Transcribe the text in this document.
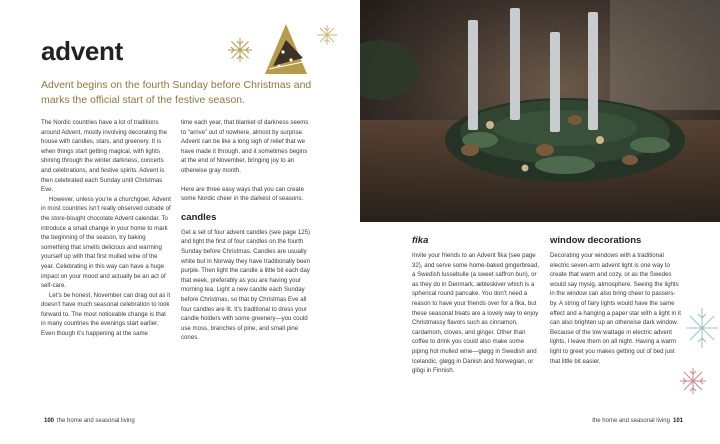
advent

Advent begins on the fourth Sunday before Christmas and marks the official start of the festive season.

The Nordic countries have a lot of traditions around Advent, mostly involving decorating the house with candles, stars, and greenery. It is when things start getting magical, with lights shining through the winter darkness, concerts and celebrations, and festive spirits. Advent is then celebrated each Sunday until Christmas Eve.

However, unless you’re a churchgoer, Advent in most countries isn’t really observed outside of the store-bought chocolate Advent calendar. To introduce a small change in your home to mark the beginning of the season, try baking something that smells delicious and warming yourself up with that first mulled wine of the year. Celebrating in this way can have a huge impact on your mood and actually be an act of self-care.

Let’s be honest, November can drag out as it doesn’t have much seasonal celebration to look forward to. The most noticeable change is that in many countries the evenings start earlier. Even though it’s happening at the same

time each year, that blanket of darkness seems to “arrive” out of nowhere, almost by surprise. Advent can be like a long sigh of relief that we have made it through, and it sometimes begins at the end of November, bringing joy to an otherwise gray month.

Here are three easy ways that you can create some Nordic cheer in the darkest of seasons.

candles

Get a set of four advent candles (see page 125) and light the first of four candles on the fourth Sunday before Christmas. Candles are usually white but in Norway they have traditionally been purple. Then light the candle a little bit each day that week, preferably as you are having your morning tea. Light a new candle each Sunday before Christmas, so that by Christmas Eve all four candles are lit. It’s traditional to dress your candle holders with some greenery—you could use moss, branches of pine, and small pine cones.

100 the home and seasonal living
fika

Invite your friends to an Advent fika (see page 32), and serve some home-baked gingerbread, a Swedish lussebulle (a sweet saffron bun), or as they do in Denmark, æbleskiver which is a spherical round pancake. You don’t need a reason to have your friends over for a fika, but these seasonal treats are a lovely way to enjoy Christmassy flavors such as cinnamon, cardamom, cloves, and ginger. Other than coffee to drink you could also make some piping hot mulled wine—gløgg in Swedish and Icelandic, gløgg in Danish and Norwegian, or glögi in Finnish.

window decorations

Decorating your windows with a traditional electric seven-arm advent light is one way to create that warm and cozy, or as the Swedes would say mysig, atmosphere. Seeing the lights in the window can also bring cheer to passers-by. A string of fairy lights would have the same effect and a hanging a paper star with a light in it can also brighten up an otherwise dark window. Because of the low wattage in electric advent lights, I leave them on all night. Having a warm light to greet you makes getting out of bed just that little bit easier.

the home and seasonal living 101
